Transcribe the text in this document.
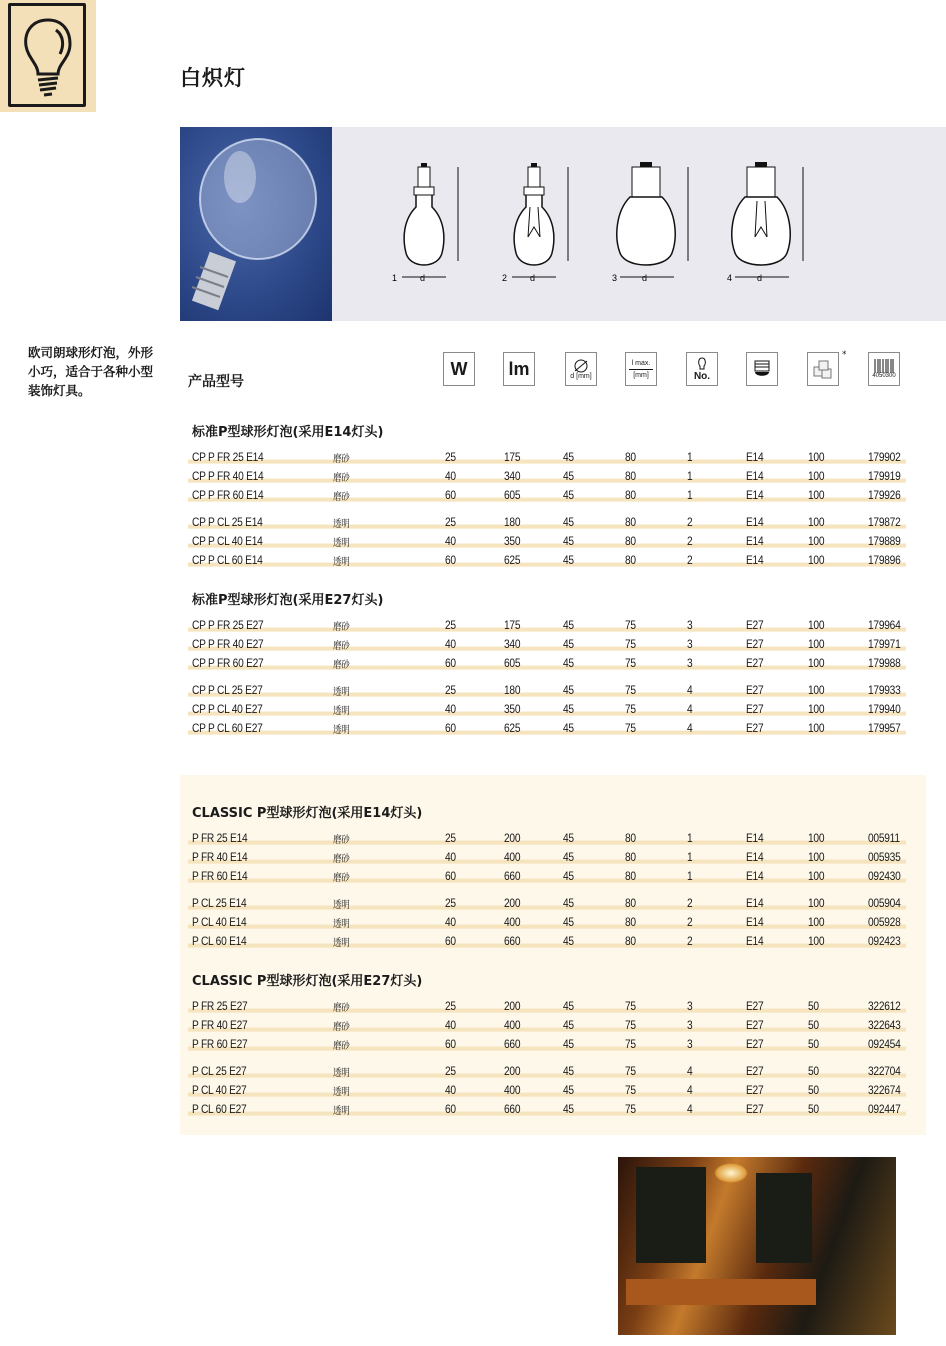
白炽灯
1	d	2	d	3	d	4	d
欧司朗球形灯泡，外形
小巧，适合于各种小型
装饰灯具。
产品型号
W lm	d [mm]
l max.
[mm]	No.
*
4050300
标准P型球形灯泡(采用E14灯头)
CP P FR 25 E14	磨砂	25	175	45	80	1	E14	100	179902
CP P FR 40 E14	磨砂	40	340	45	80	1	E14	100	179919
CP P FR 60 E14	磨砂	60	605	45	80	1	E14	100	179926
CP P CL 25 E14	透明	25	180	45	80	2	E14	100	179872
CP P CL 40 E14	透明	40	350	45	80	2	E14	100	179889
CP P CL 60 E14	透明	60	625	45	80	2	E14	100	179896
标准P型球形灯泡(采用E27灯头)
CP P FR 25 E27	磨砂	25	175	45	75	3	E27	100	179964
CP P FR 40 E27	磨砂	40	340	45	75	3	E27	100	179971
CP P FR 60 E27	磨砂	60	605	45	75	3	E27	100	179988
CP P CL 25 E27	透明	25	180	45	75	4	E27	100	179933
CP P CL 40 E27	透明	40	350	45	75	4	E27	100	179940
CP P CL 60 E27	透明	60	625	45	75	4	E27	100	179957
CLASSIC P型球形灯泡(采用E14灯头)
P FR 25 E14	磨砂	25	200	45	80	1	E14	100	005911
P FR 40 E14	磨砂	40	400	45	80	1	E14	100	005935
P FR 60 E14	磨砂	60	660	45	80	1	E14	100	092430
P CL 25 E14	透明	25	200	45	80	2	E14	100	005904
P CL 40 E14	透明	40	400	45	80	2	E14	100	005928
P CL 60 E14	透明	60	660	45	80	2	E14	100	092423
CLASSIC P型球形灯泡(采用E27灯头)
P FR 25 E27	磨砂	25	200	45	75	3	E27	50	322612
P FR 40 E27	磨砂	40	400	45	75	3	E27	50	322643
P FR 60 E27	磨砂	60	660	45	75	3	E27	50	092454
P CL 25 E27	透明	25	200	45	75	4	E27	50	322704
P CL 40 E27	透明	40	400	45	75	4	E27	50	322674
P CL 60 E27	透明	60	660	45	75	4	E27	50	092447
